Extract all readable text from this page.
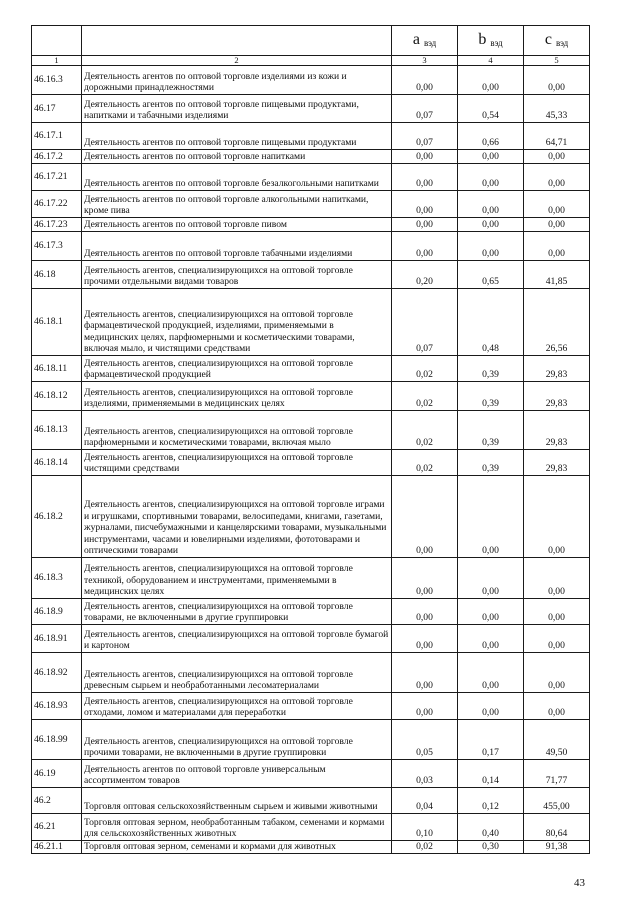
		a $_{вэд}$	b $_{вэд}$	c $_{вэд}$
1	2	3	4	5
46.16.3	Деятельность агентов по оптовой торговле изделиями из кожи и дорожными принадлежностями	0,00	0,00	0,00
46.17	Деятельность агентов по оптовой торговле пищевыми продуктами, напитками и табачными изделиями	0,07	0,54	45,33
46.17.1	Деятельность агентов по оптовой торговле пищевыми продуктами	0,07	0,66	64,71
46.17.2	Деятельность агентов по оптовой торговле напитками	0,00	0,00	0,00
46.17.21	Деятельность агентов по оптовой торговле безалкогольными напитками	0,00	0,00	0,00
46.17.22	Деятельность агентов по оптовой торговле алкогольными напитками, кроме пива	0,00	0,00	0,00
46.17.23	Деятельность агентов по оптовой торговле пивом	0,00	0,00	0,00
46.17.3	Деятельность агентов по оптовой торговле табачными изделиями	0,00	0,00	0,00
46.18	Деятельность агентов, специализирующихся на оптовой торговле прочими отдельными видами товаров	0,20	0,65	41,85
46.18.1	Деятельность агентов, специализирующихся на оптовой торговле фармацевтической продукцией, изделиями, применяемыми в медицинских целях, парфюмерными и косметическими товарами, включая мыло, и чистящими средствами	0,07	0,48	26,56
46.18.11	Деятельность агентов, специализирующихся на оптовой торговле фармацевтической продукцией	0,02	0,39	29,83
46.18.12	Деятельность агентов, специализирующихся на оптовой торговле изделиями, применяемыми в медицинских целях	0,02	0,39	29,83
46.18.13	Деятельность агентов, специализирующихся на оптовой торговле парфюмерными и косметическими товарами, включая мыло	0,02	0,39	29,83
46.18.14	Деятельность агентов, специализирующихся на оптовой торговле чистящими средствами	0,02	0,39	29,83
46.18.2	Деятельность агентов, специализирующихся на оптовой торговле играми и игрушками, спортивными товарами, велосипедами, книгами, газетами, журналами, писчебумажными и канцелярскими товарами, музыкальными инструментами, часами и ювелирными изделиями, фототоварами и оптическими товарами	0,00	0,00	0,00
46.18.3	Деятельность агентов, специализирующихся на оптовой торговле техникой, оборудованием и инструментами, применяемыми в медицинских целях	0,00	0,00	0,00
46.18.9	Деятельность агентов, специализирующихся на оптовой торговле товарами, не включенными в другие группировки	0,00	0,00	0,00
46.18.91	Деятельность агентов, специализирующихся на оптовой торговле бумагой и картоном	0,00	0,00	0,00
46.18.92	Деятельность агентов, специализирующихся на оптовой торговле древесным сырьем и необработанными лесоматериалами	0,00	0,00	0,00
46.18.93	Деятельность агентов, специализирующихся на оптовой торговле отходами, ломом и материалами для переработки	0,00	0,00	0,00
46.18.99	Деятельность агентов, специализирующихся на оптовой торговле прочими товарами, не включенными в другие группировки	0,05	0,17	49,50
46.19	Деятельность агентов по оптовой торговле универсальным ассортиментом товаров	0,03	0,14	71,77
46.2	Торговля оптовая сельскохозяйственным сырьем и живыми животными	0,04	0,12	455,00
46.21	Торговля оптовая зерном, необработанным табаком, семенами и кормами для сельскохозяйственных животных	0,10	0,40	80,64
46.21.1	Торговля оптовая зерном, семенами и кормами для животных	0,02	0,30	91,38
43
